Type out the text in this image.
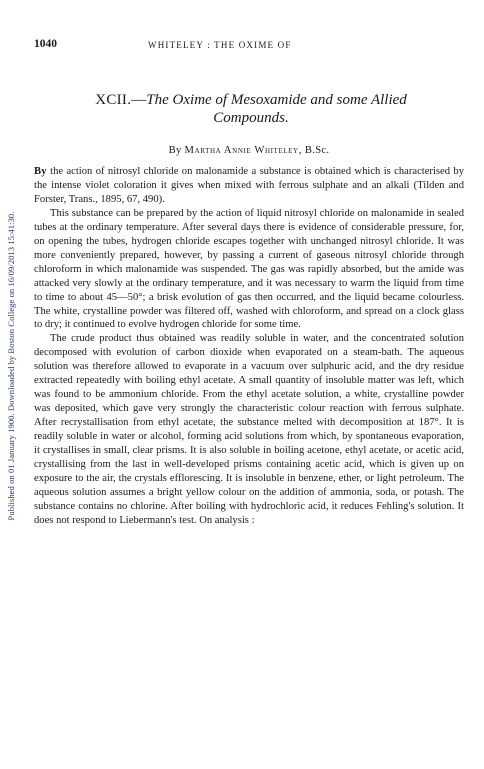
Published on 01 January 1900. Downloaded by Boston College on 16/09/2013 15:41:30.
1040	WHITELEY : THE OXIME OF
XCII.—The Oxime of Mesoxamide and some Allied
Compounds.
By Martha Annie Whiteley, B.Sc.

By the action of nitrosyl chloride on malonamide a substance is obtained which is characterised by the intense violet coloration it gives when mixed with ferrous sulphate and an alkali (Tilden and Forster, Trans., 1895, 67, 490).

This substance can be prepared by the action of liquid nitrosyl chloride on malonamide in sealed tubes at the ordinary temperature. After several days there is evidence of considerable pressure, for, on opening the tubes, hydrogen chloride escapes together with unchanged nitrosyl chloride. It was more conveniently prepared, however, by passing a current of gaseous nitrosyl chloride through chloroform in which malonamide was suspended. The gas was rapidly absorbed, but the amide was attacked very slowly at the ordinary temperature, and it was necessary to warm the liquid from time to time to about 45—50°; a brisk evolution of gas then occurred, and the liquid became colourless. The white, crystalline powder was filtered off, washed with chloroform, and spread on a clock glass to dry; it continued to evolve hydrogen chloride for some time.

The crude product thus obtained was readily soluble in water, and the concentrated solution decomposed with evolution of carbon dioxide when evaporated on a steam-bath. The aqueous solution was therefore allowed to evaporate in a vacuum over sulphuric acid, and the dry residue extracted repeatedly with boiling ethyl acetate. A small quantity of insoluble matter was left, which was found to be ammonium chloride. From the ethyl acetate solution, a white, crystalline powder was deposited, which gave very strongly the characteristic colour reaction with ferrous sulphate. After recrystallisation from ethyl acetate, the substance melted with decomposition at 187°. It is readily soluble in water or alcohol, forming acid solutions from which, by spontaneous evaporation, it crystallises in small, clear prisms. It is also soluble in boiling acetone, ethyl acetate, or acetic acid, crystallising from the last in well-developed prisms containing acetic acid, which is given up on exposure to the air, the crystals efflorescing. It is insoluble in benzene, ether, or light petroleum. The aqueous solution assumes a bright yellow colour on the addition of ammonia, soda, or potash. The substance contains no chlorine. After boiling with hydrochloric acid, it reduces Fehling's solution. It does not respond to Liebermann's test. On analysis :
